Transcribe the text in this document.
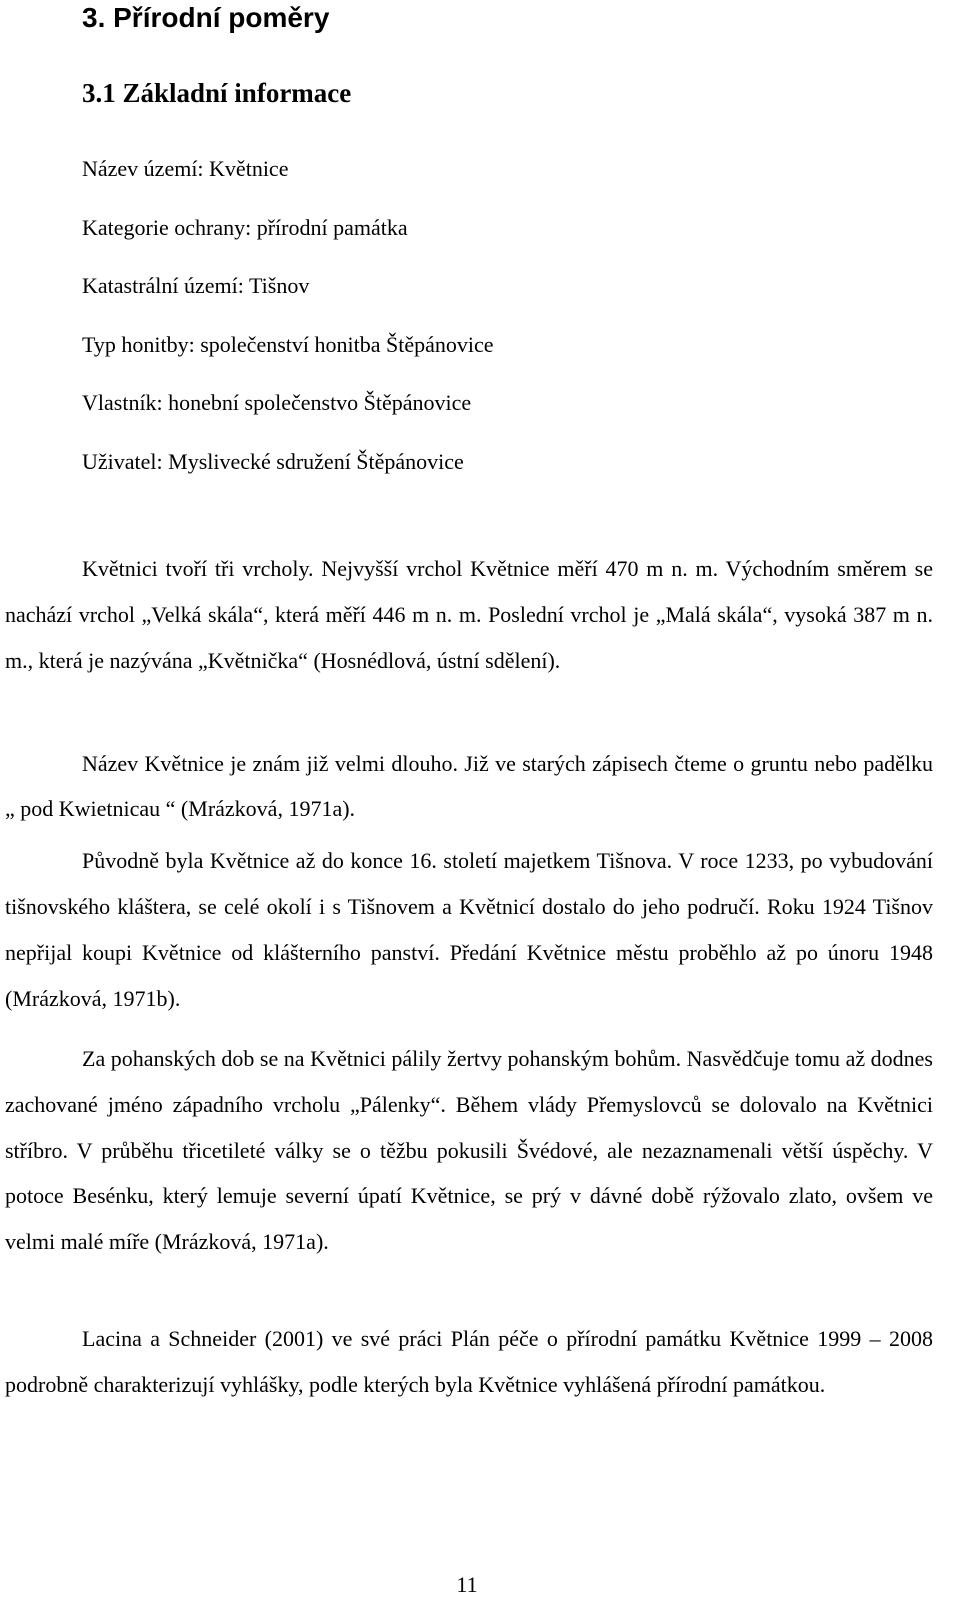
3. Přírodní poměry
3.1 Základní informace
Název území: Květnice
Kategorie ochrany: přírodní památka
Katastrální území: Tišnov
Typ honitby: společenství honitba Štěpánovice
Vlastník: honební společenstvo Štěpánovice
Uživatel: Myslivecké sdružení Štěpánovice

Květnici tvoří tři vrcholy. Nejvyšší vrchol Květnice měří 470 m n. m. Východním směrem se nachází vrchol „Velká skála“, která měří 446 m n. m. Poslední vrchol je „Malá skála“, vysoká 387 m n. m., která je nazývána „Květnička“ (Hosnédlová, ústní sdělení).

Název Květnice je znám již velmi dlouho. Již ve starých zápisech čteme o gruntu nebo padělku „ pod Kwietnicau “ (Mrázková, 1971a).

Původně byla Květnice až do konce 16. století majetkem Tišnova. V roce 1233, po vybudování tišnovského kláštera, se celé okolí i s Tišnovem a Květnicí dostalo do jeho područí. Roku 1924 Tišnov nepřijal koupi Květnice od klášterního panství. Předání Květnice městu proběhlo až po únoru 1948 (Mrázková, 1971b).

Za pohanských dob se na Květnici pálily žertvy pohanským bohům. Nasvědčuje tomu až dodnes zachované jméno západního vrcholu „Pálenky“. Během vlády Přemyslovců se dolovalo na Květnici stříbro. V průběhu třicetileté války se o těžbu pokusili Švédové, ale nezaznamenali větší úspěchy. V potoce Besénku, který lemuje severní úpatí Květnice, se prý v dávné době rýžovalo zlato, ovšem ve velmi malé míře (Mrázková, 1971a).

Lacina a Schneider (2001) ve své práci Plán péče o přírodní památku Květnice 1999 – 2008 podrobně charakterizují vyhlášky, podle kterých byla Květnice vyhlášená přírodní památkou.

11
